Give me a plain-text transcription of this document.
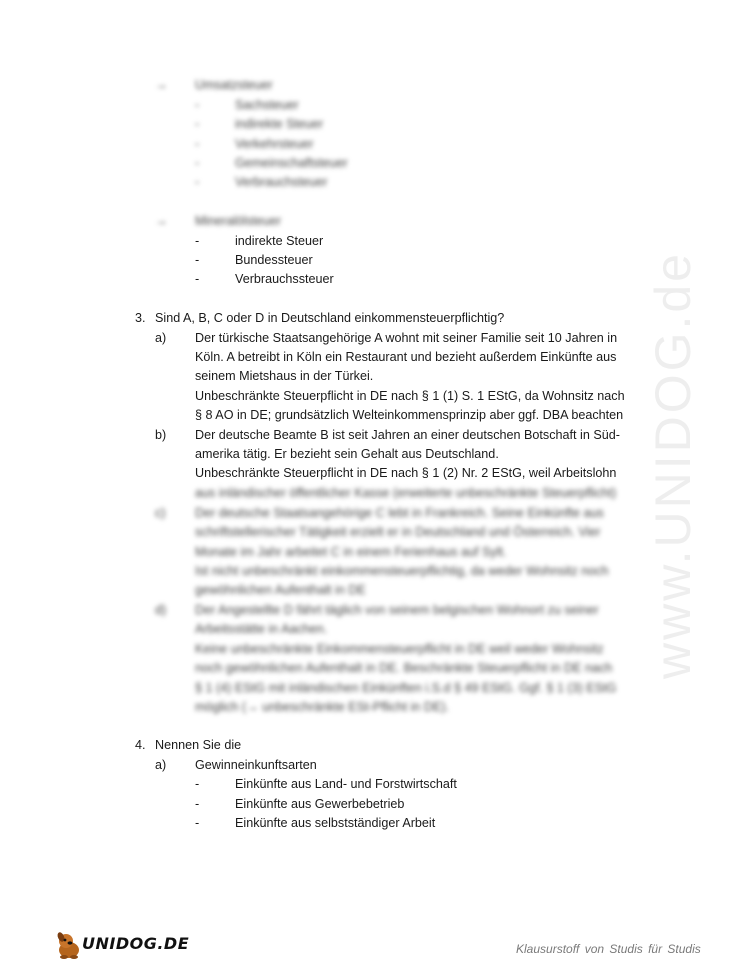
www.UNIDOG.de
→ Umsatzsteuer
-	Sachsteuer
-	indirekte Steuer
-	Verkehrsteuer
-	Gemeinschaftsteuer
-	Verbrauchsteuer
→ Mineralölsteuer
-	indirekte Steuer
-	Bundessteuer
-	Verbrauchssteuer
3. Sind A, B, C oder D in Deutschland einkommensteuerpflichtig?
a) Der türkische Staatsangehörige A wohnt mit seiner Familie seit 10 Jahren in
Köln. A betreibt in Köln ein Restaurant und bezieht außerdem Einkünfte aus
seinem Mietshaus in der Türkei.
Unbeschränkte Steuerpflicht in DE nach § 1 (1) S. 1 EStG, da Wohnsitz nach
§ 8 AO in DE; grundsätzlich Welteinkommensprinzip aber ggf. DBA beachten
b) Der deutsche Beamte B ist seit Jahren an einer deutschen Botschaft in Süd-
amerika tätig. Er bezieht sein Gehalt aus Deutschland.
Unbeschränkte Steuerpflicht in DE nach § 1 (2) Nr. 2 EStG, weil Arbeitslohn
aus inländischer öffentlicher Kasse (erweiterte unbeschränkte Steuerpflicht)
c) Der deutsche Staatsangehörige C lebt in Frankreich. Seine Einkünfte aus
schriftstellerischer Tätigkeit erzielt er in Deutschland und Österreich. Vier
Monate im Jahr arbeitet C in einem Ferienhaus auf Sylt.
Ist nicht unbeschränkt einkommensteuerpflichtig, da weder Wohnsitz noch
gewöhnlichen Aufenthalt in DE
d) Der Angestellte D fährt täglich von seinem belgischen Wohnort zu seiner
Arbeitsstätte in Aachen.
Keine unbeschränkte Einkommensteuerpflicht in DE weil weder Wohnsitz
noch gewöhnlichen Aufenthalt in DE. Beschränkte Steuerpflicht in DE nach
§ 1 (4) EStG mit inländischen Einkünften i.S.d § 49 EStG. Ggf. § 1 (3) EStG
möglich (→ unbeschränkte ESt-Pflicht in DE).
4. Nennen Sie die
a) Gewinneinkunftsarten
-	Einkünfte aus Land- und Forstwirtschaft
-	Einkünfte aus Gewerbebetrieb
-	Einkünfte aus selbstständiger Arbeit
UNIDOG.DE	Klausurstoff von Studis für Studis
